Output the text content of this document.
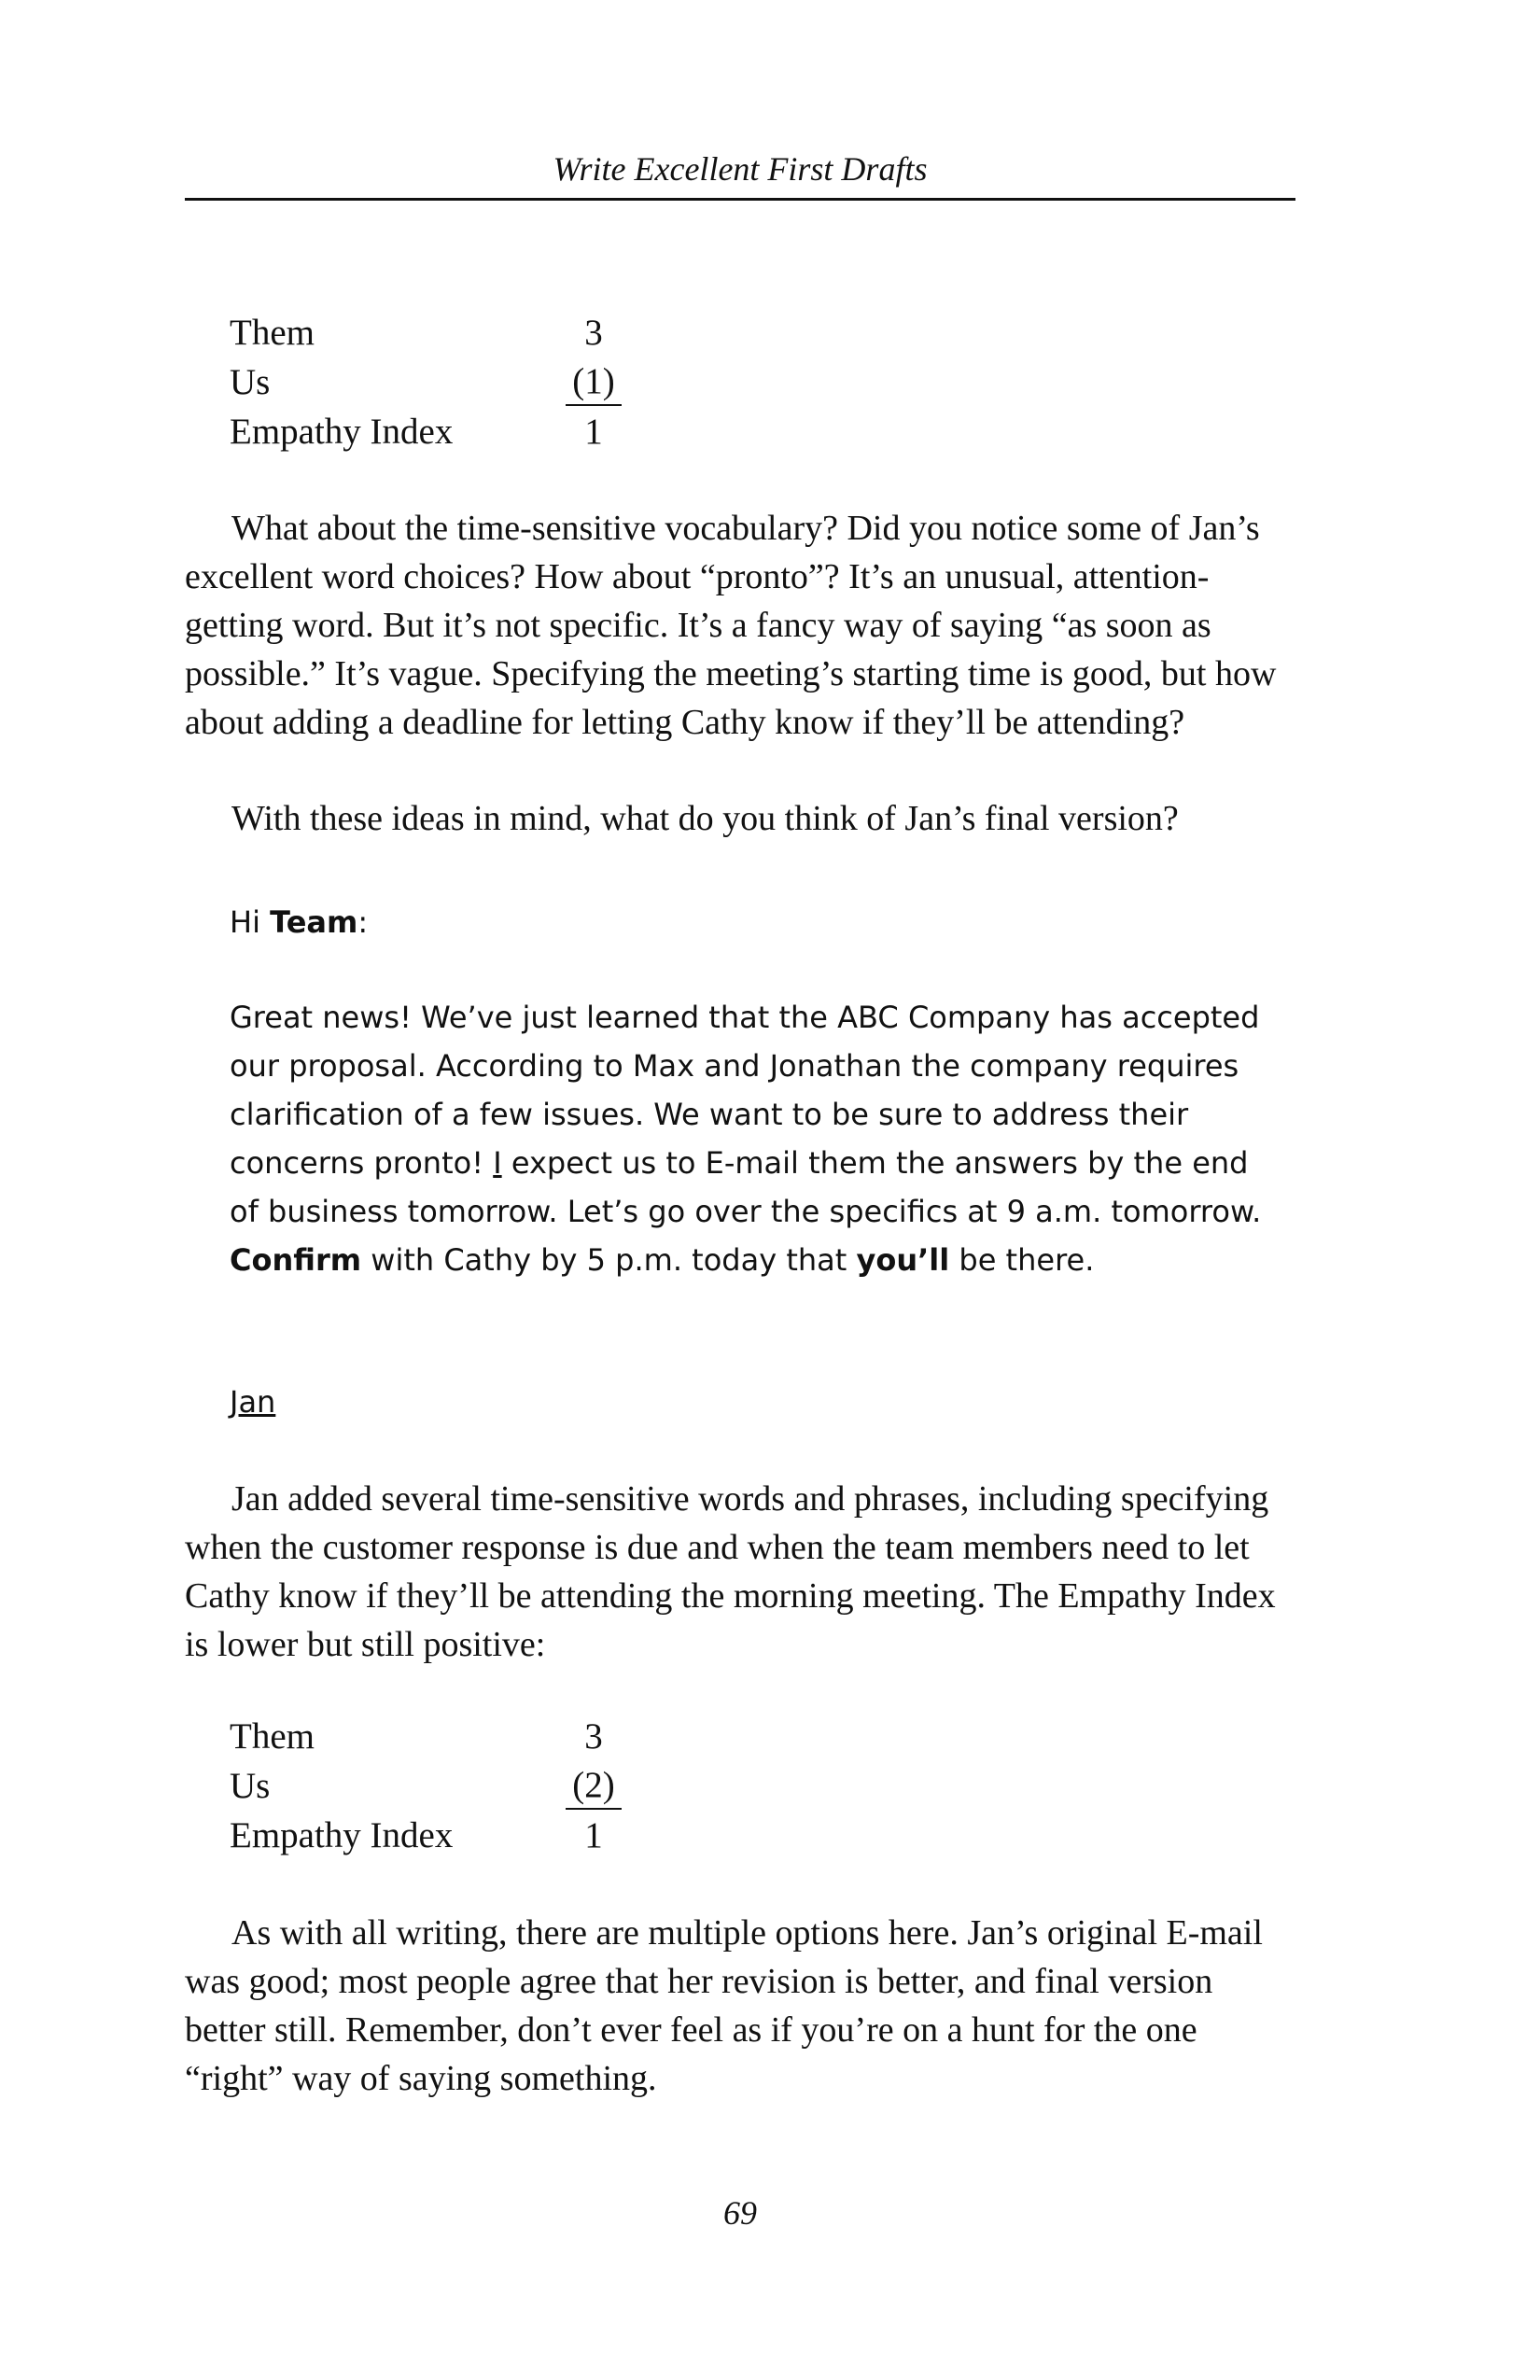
Write Excellent First Drafts
Them	3
Us	(1)
Empathy Index	1

What about the time-sensitive vocabulary? Did you notice some of Jan’s excellent word choices? How about “pronto”? It’s an unusual, attention-getting word. But it’s not specific. It’s a fancy way of saying “as soon as possible.” It’s vague. Specifying the meeting’s starting time is good, but how about adding a deadline for letting Cathy know if they’ll be attending?

With these ideas in mind, what do you think of Jan’s final version?

Hi Team:

Great news! We’ve just learned that the ABC Company has accepted our proposal. According to Max and Jonathan the company requires clarification of a few issues. We want to be sure to address their concerns pronto! I expect us to E-mail them the answers by the end of business tomorrow. Let’s go over the specifics at 9 a.m. tomorrow. Confirm with Cathy by 5 p.m. today that you’ll be there.

Jan

Jan added several time-sensitive words and phrases, including specifying when the customer response is due and when the team members need to let Cathy know if they’ll be attending the morning meeting. The Empathy Index is lower but still positive:

Them	3
Us	(2)
Empathy Index	1

As with all writing, there are multiple options here. Jan’s original E-mail was good; most people agree that her revision is better, and final version better still. Remember, don’t ever feel as if you’re on a hunt for the one “right” way of saying something.

69
